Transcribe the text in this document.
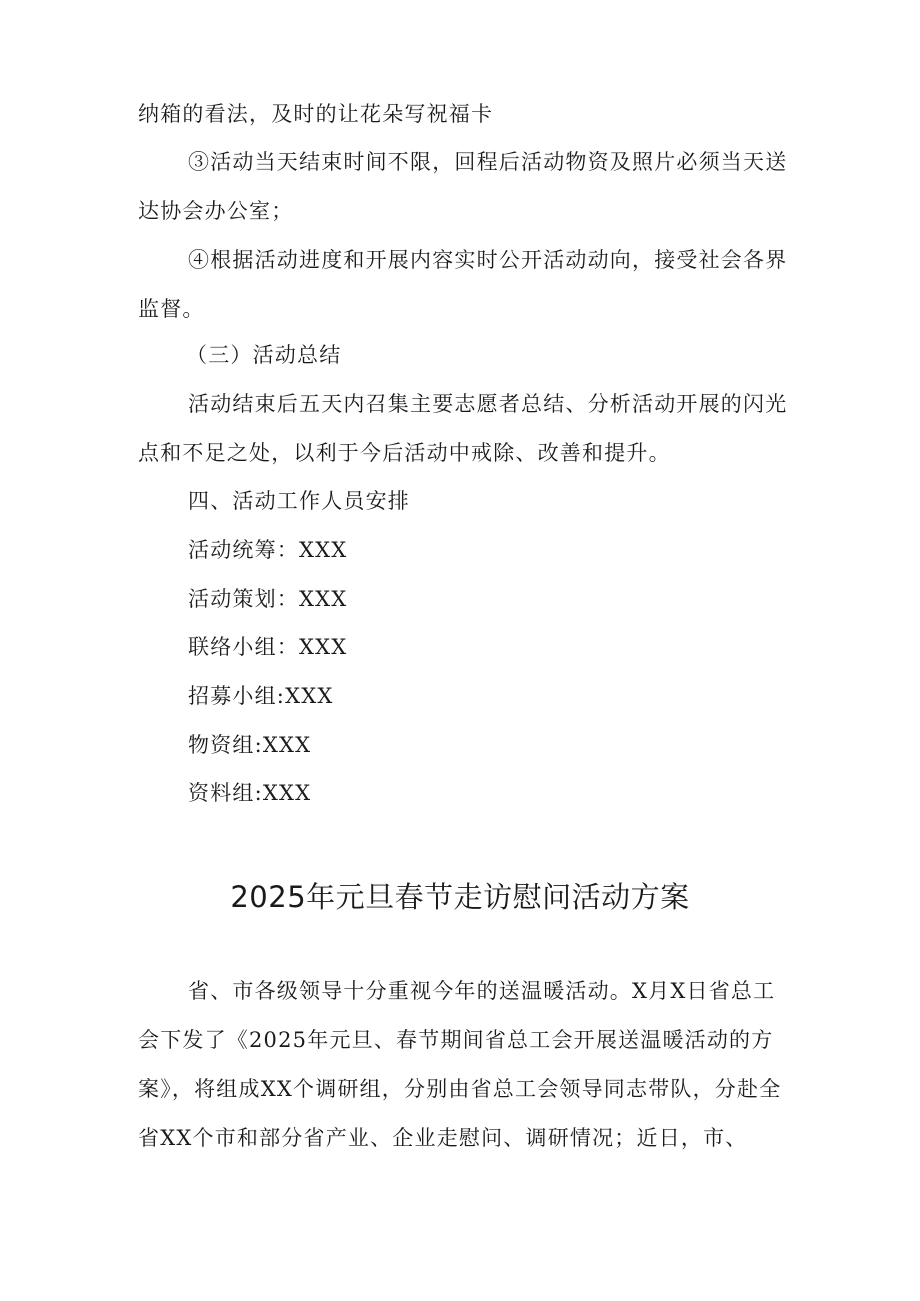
纳箱的看法，及时的让花朵写祝福卡

③活动当天结束时间不限，回程后活动物资及照片必须当天送达协会办公室；

④根据活动进度和开展内容实时公开活动动向，接受社会各界监督。

（三）活动总结

活动结束后五天内召集主要志愿者总结、分析活动开展的闪光点和不足之处，以利于今后活动中戒除、改善和提升。

四、活动工作人员安排

活动统筹：XXX

活动策划：XXX

联络小组：XXX

招募小组:XXX

物资组:XXX

资料组:XXX

2025年元旦春节走访慰问活动方案

省、市各级领导十分重视今年的送温暖活动。X月X日省总工会下发了《2025年元旦、春节期间省总工会开展送温暖活动的方案》，将组成XX个调研组，分别由省总工会领导同志带队，分赴全省XX个市和部分省产业、企业走慰问、调研情况；近日，市、
